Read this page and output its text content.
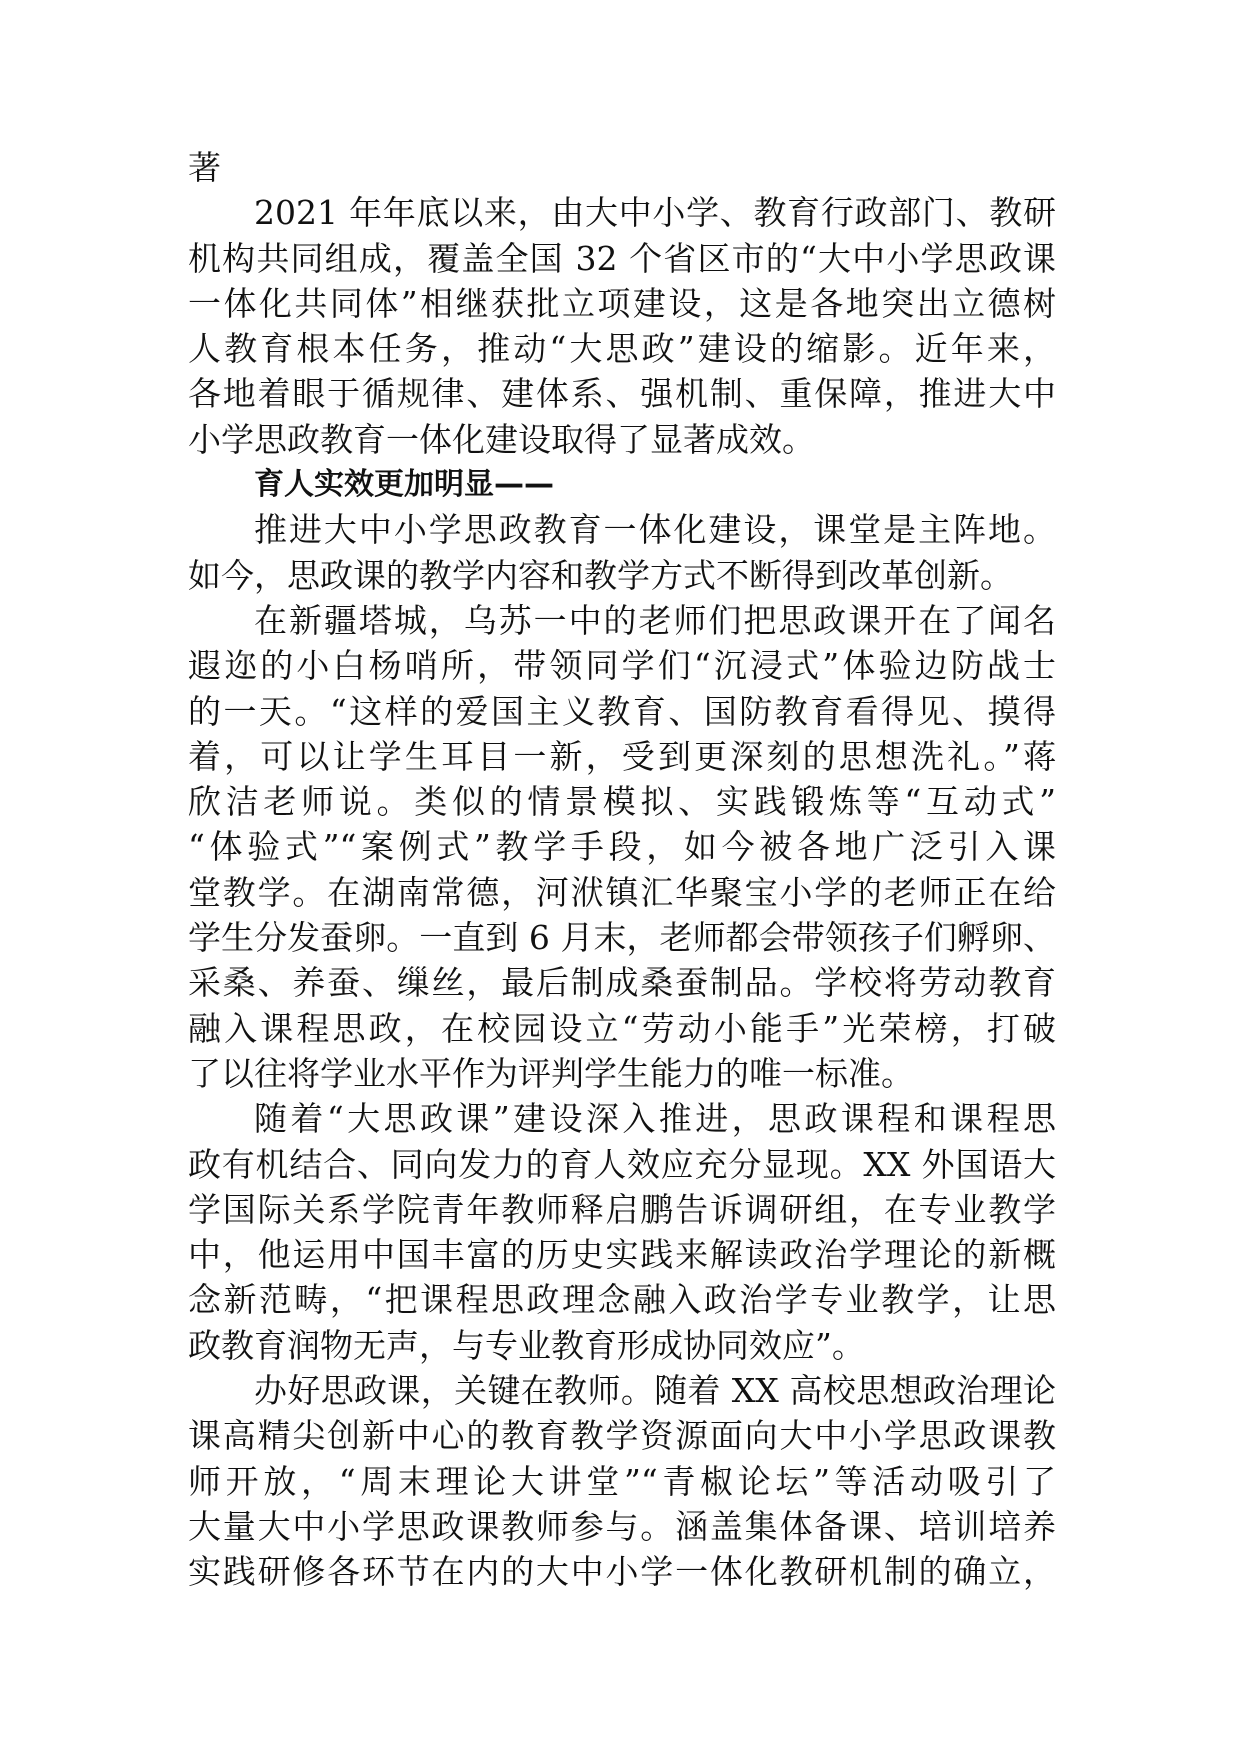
著
2021 年年底以来，由大中小学、教育行政部门、教研
机构共同组成，覆盖全国 32 个省区市的“大中小学思政课
一体化共同体”相继获批立项建设，这是各地突出立德树
人教育根本任务，推动“大思政”建设的缩影。近年来，
各地着眼于循规律、建体系、强机制、重保障，推进大中
小学思政教育一体化建设取得了显著成效。
育人实效更加明显——
推进大中小学思政教育一体化建设，课堂是主阵地。
如今，思政课的教学内容和教学方式不断得到改革创新。
在新疆塔城，乌苏一中的老师们把思政课开在了闻名
遐迩的小白杨哨所，带领同学们“沉浸式”体验边防战士
的一天。“这样的爱国主义教育、国防教育看得见、摸得
着，可以让学生耳目一新，受到更深刻的思想洗礼。”蒋
欣洁老师说。类似的情景模拟、实践锻炼等“互动式”
“体验式”“案例式”教学手段，如今被各地广泛引入课
堂教学。在湖南常德，河洑镇汇华聚宝小学的老师正在给
学生分发蚕卵。一直到 6 月末，老师都会带领孩子们孵卵、
采桑、养蚕、缫丝，最后制成桑蚕制品。学校将劳动教育
融入课程思政，在校园设立“劳动小能手”光荣榜，打破
了以往将学业水平作为评判学生能力的唯一标准。
随着“大思政课”建设深入推进，思政课程和课程思
政有机结合、同向发力的育人效应充分显现。XX 外国语大
学国际关系学院青年教师释启鹏告诉调研组，在专业教学
中，他运用中国丰富的历史实践来解读政治学理论的新概
念新范畴，“把课程思政理念融入政治学专业教学，让思
政教育润物无声，与专业教育形成协同效应”。
办好思政课，关键在教师。随着 XX 高校思想政治理论
课高精尖创新中心的教育教学资源面向大中小学思政课教
师开放，“周末理论大讲堂”“青椒论坛”等活动吸引了
大量大中小学思政课教师参与。涵盖集体备课、培训培养
实践研修各环节在内的大中小学一体化教研机制的确立，
